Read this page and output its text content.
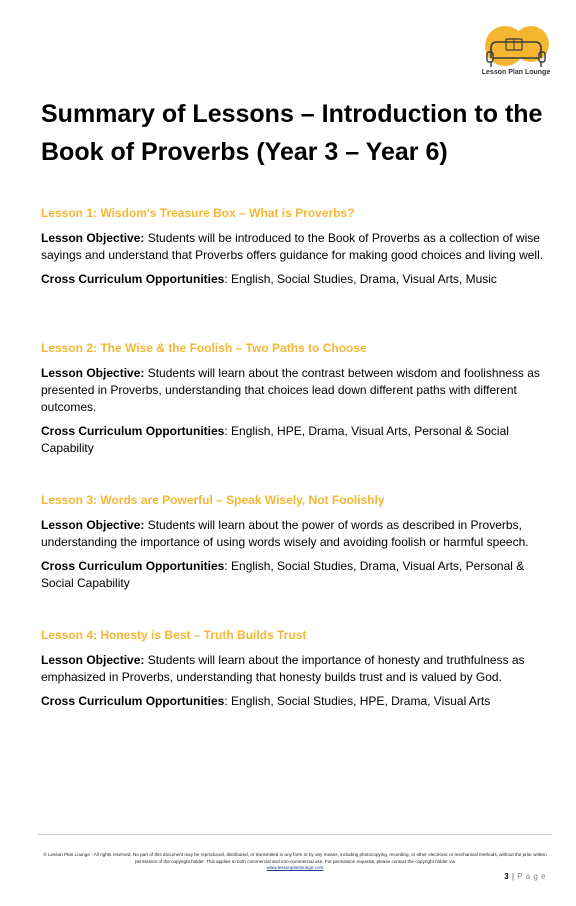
Lesson Plan Lounge
Summary of Lessons – Introduction to the Book of Proverbs (Year 3 – Year 6)
Lesson 1: Wisdom's Treasure Box – What is Proverbs?

Lesson Objective: Students will be introduced to the Book of Proverbs as a collection of wise sayings and understand that Proverbs offers guidance for making good choices and living well.

Cross Curriculum Opportunities: English, Social Studies, Drama, Visual Arts, Music

Lesson 2: The Wise & the Foolish – Two Paths to Choose

Lesson Objective: Students will learn about the contrast between wisdom and foolishness as presented in Proverbs, understanding that choices lead down different paths with different outcomes.

Cross Curriculum Opportunities: English, HPE, Drama, Visual Arts, Personal & Social Capability

Lesson 3: Words are Powerful – Speak Wisely, Not Foolishly

Lesson Objective: Students will learn about the power of words as described in Proverbs, understanding the importance of using words wisely and avoiding foolish or harmful speech.

Cross Curriculum Opportunities: English, Social Studies, Drama, Visual Arts, Personal & Social Capability

Lesson 4: Honesty is Best – Truth Builds Trust

Lesson Objective: Students will learn about the importance of honesty and truthfulness as emphasized in Proverbs, understanding that honesty builds trust and is valued by God.

Cross Curriculum Opportunities: English, Social Studies, HPE, Drama, Visual Arts

© Lesson Plan Lounge - All rights reserved. No part of this document may be reproduced, distributed, or transmitted in any form or by any means, including photocopying, recording, or other electronic or mechanical methods, without the prior written permission of the copyright holder. This applies to both commercial and non-commercial use. For permission requests, please contact the copyright holder via
www.lessonplanlounge.com
3 | P a g e
